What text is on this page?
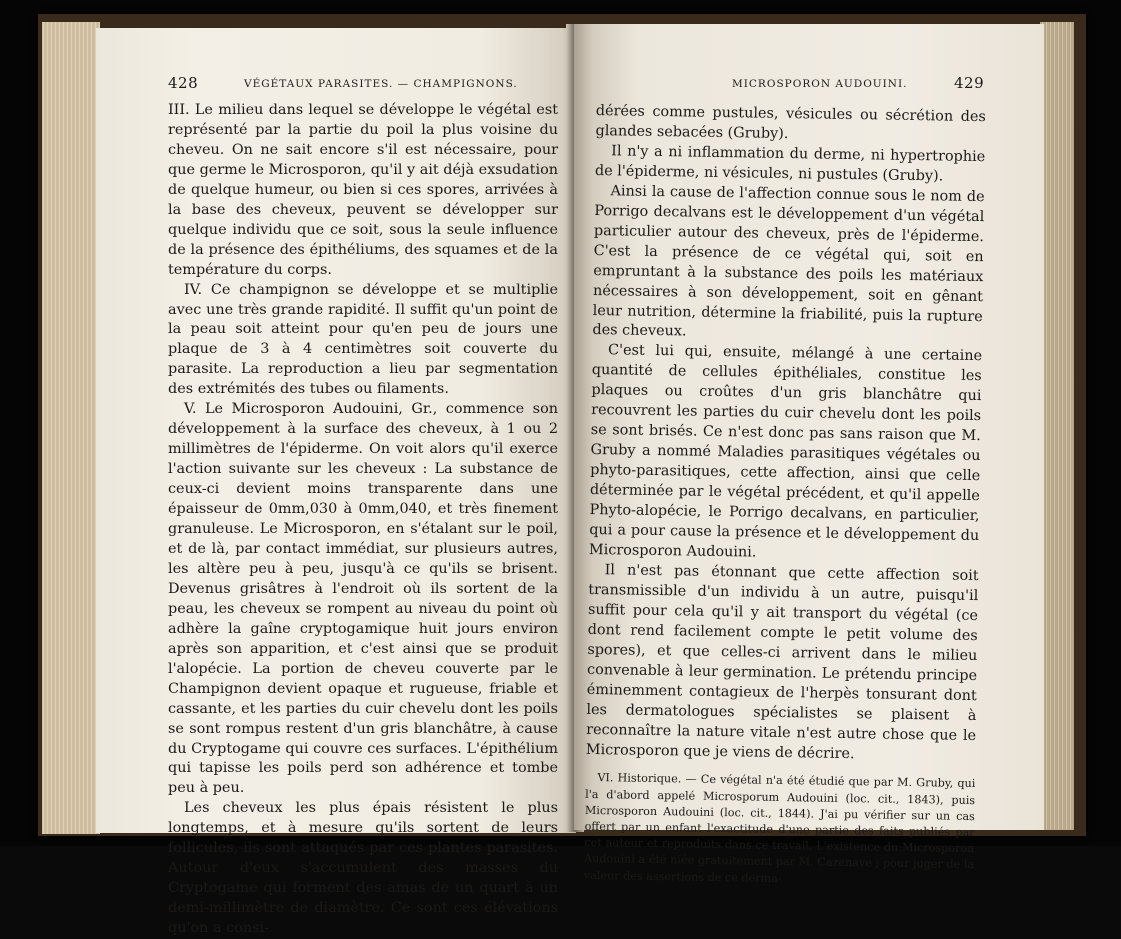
428	VÉGÉTAUX PARASITES. — CHAMPIGNONS.

III. Le milieu dans lequel se développe le végétal est représenté par la partie du poil la plus voisine du cheveu. On ne sait encore s'il est nécessaire, pour que germe le Microsporon, qu'il y ait déjà exsudation de quelque humeur, ou bien si ces spores, arrivées à la base des cheveux, peuvent se développer sur quelque individu que ce soit, sous la seule influence de la présence des épithéliums, des squames et de la température du corps.

IV. Ce champignon se développe et se multiplie avec une très grande rapidité. Il suffit qu'un point de la peau soit atteint pour qu'en peu de jours une plaque de 3 à 4 centimètres soit couverte du parasite. La reproduction a lieu par segmentation des extrémités des tubes ou filaments.

V. Le Microsporon Audouini, Gr., commence son développement à la surface des cheveux, à 1 ou 2 millimètres de l'épiderme. On voit alors qu'il exerce l'action suivante sur les cheveux : La substance de ceux-ci devient moins transparente dans une épaisseur de 0mm,030 à 0mm,040, et très finement granuleuse. Le Microsporon, en s'étalant sur le poil, et de là, par contact immédiat, sur plusieurs autres, les altère peu à peu, jusqu'à ce qu'ils se brisent. Devenus grisâtres à l'endroit où ils sortent de la peau, les cheveux se rompent au niveau du point où adhère la gaîne cryptogamique huit jours environ après son apparition, et c'est ainsi que se produit l'alopécie. La portion de cheveu couverte par le Champignon devient opaque et rugueuse, friable et cassante, et les parties du cuir chevelu dont les poils se sont rompus restent d'un gris blanchâtre, à cause du Cryptogame qui couvre ces surfaces. L'épithélium qui tapisse les poils perd son adhérence et tombe peu à peu.

Les cheveux les plus épais résistent le plus longtemps, et à mesure qu'ils sortent de leurs follicules, ils sont attaqués par ces plantes parasites. Autour d'eux s'accumulent des masses du Cryptogame qui forment des amas de un quart à un demi-millimètre de diamètre. Ce sont ces élévations qu'on a consi-

MICROSPORON AUDOUINI.	429

dérées comme pustules, vésicules ou sécrétion des glandes sebacées (Gruby).

Il n'y a ni inflammation du derme, ni hypertrophie de l'épiderme, ni vésicules, ni pustules (Gruby).

Ainsi la cause de l'affection connue sous le nom de Porrigo decalvans est le développement d'un végétal particulier autour des cheveux, près de l'épiderme. C'est la présence de ce végétal qui, soit en empruntant à la substance des poils les matériaux nécessaires à son développement, soit en gênant leur nutrition, détermine la friabilité, puis la rupture des cheveux.

C'est lui qui, ensuite, mélangé à une certaine quantité de cellules épithéliales, constitue les plaques ou croûtes d'un gris blanchâtre qui recouvrent les parties du cuir chevelu dont les poils se sont brisés. Ce n'est donc pas sans raison que M. Gruby a nommé Maladies parasitiques végétales ou phyto-parasitiques, cette affection, ainsi que celle déterminée par le végétal précédent, et qu'il appelle Phyto-alopécie, le Porrigo decalvans, en particulier, qui a pour cause la présence et le développement du Microsporon Audouini.

Il n'est pas étonnant que cette affection soit transmissible d'un individu à un autre, puisqu'il suffit pour cela qu'il y ait transport du végétal (ce dont rend facilement compte le petit volume des spores), et que celles-ci arrivent dans le milieu convenable à leur germination. Le prétendu principe éminemment contagieux de l'herpès tonsurant dont les dermatologues spécialistes se plaisent à reconnaître la nature vitale n'est autre chose que le Microsporon que je viens de décrire.

VI. Historique. — Ce végétal n'a été étudié que par M. Gruby, qui l'a d'abord appelé Microsporum Audouini (loc. cit., 1843), puis Microsporon Audouini (loc. cit., 1844). J'ai pu vérifier sur un cas offert par un enfant l'exactitude d'une partie des faits publiés par cet auteur et reproduits dans ce travail. L'existence du Microsporon Audouini a été niée gratuitement par M. Cazenave ; pour juger de la valeur des assertions de ce derma-
